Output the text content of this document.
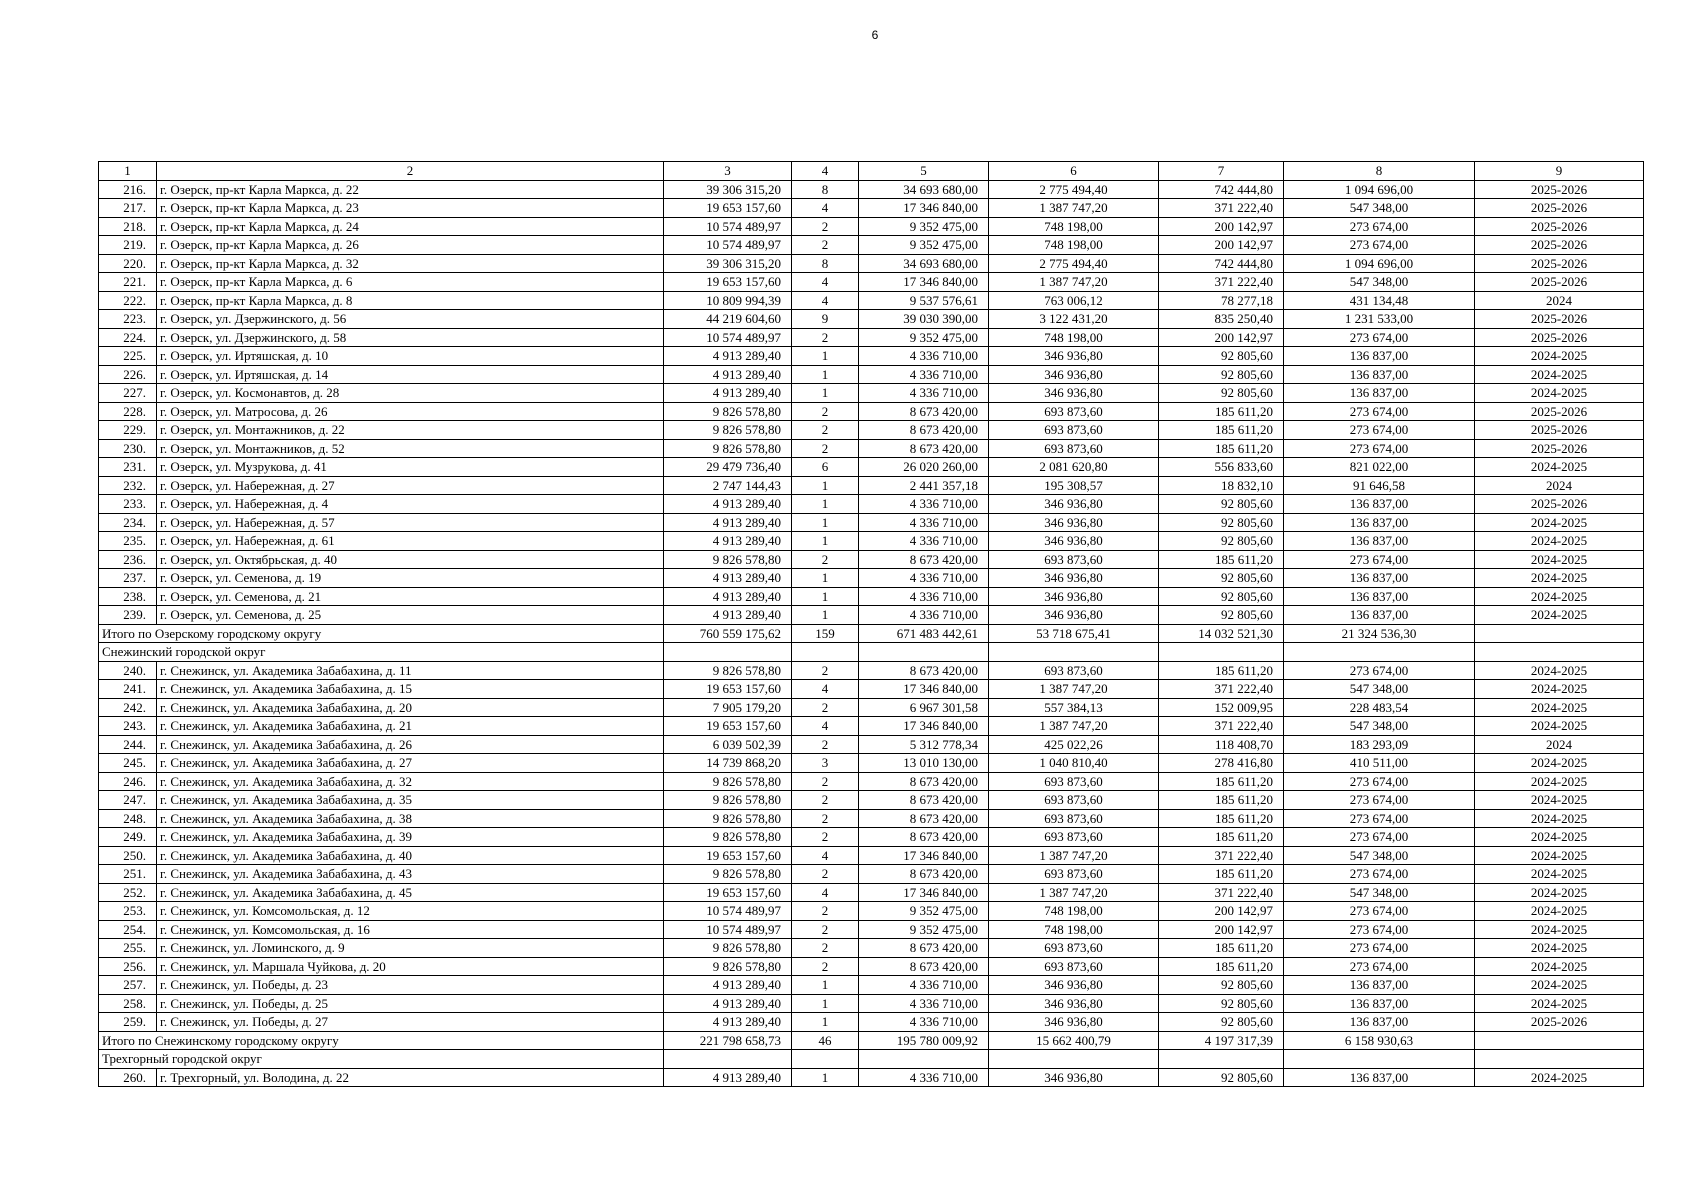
6
1	2	3	4	5	6	7	8	9
216.	г. Озерск, пр-кт Карла Маркса, д. 22	39 306 315,20	8	34 693 680,00	2 775 494,40	742 444,80	1 094 696,00	2025-2026
217.	г. Озерск, пр-кт Карла Маркса, д. 23	19 653 157,60	4	17 346 840,00	1 387 747,20	371 222,40	547 348,00	2025-2026
218.	г. Озерск, пр-кт Карла Маркса, д. 24	10 574 489,97	2	9 352 475,00	748 198,00	200 142,97	273 674,00	2025-2026
219.	г. Озерск, пр-кт Карла Маркса, д. 26	10 574 489,97	2	9 352 475,00	748 198,00	200 142,97	273 674,00	2025-2026
220.	г. Озерск, пр-кт Карла Маркса, д. 32	39 306 315,20	8	34 693 680,00	2 775 494,40	742 444,80	1 094 696,00	2025-2026
221.	г. Озерск, пр-кт Карла Маркса, д. 6	19 653 157,60	4	17 346 840,00	1 387 747,20	371 222,40	547 348,00	2025-2026
222.	г. Озерск, пр-кт Карла Маркса, д. 8	10 809 994,39	4	9 537 576,61	763 006,12	78 277,18	431 134,48	2024
223.	г. Озерск, ул. Дзержинского, д. 56	44 219 604,60	9	39 030 390,00	3 122 431,20	835 250,40	1 231 533,00	2025-2026
224.	г. Озерск, ул. Дзержинского, д. 58	10 574 489,97	2	9 352 475,00	748 198,00	200 142,97	273 674,00	2025-2026
225.	г. Озерск, ул. Иртяшская, д. 10	4 913 289,40	1	4 336 710,00	346 936,80	92 805,60	136 837,00	2024-2025
226.	г. Озерск, ул. Иртяшская, д. 14	4 913 289,40	1	4 336 710,00	346 936,80	92 805,60	136 837,00	2024-2025
227.	г. Озерск, ул. Космонавтов, д. 28	4 913 289,40	1	4 336 710,00	346 936,80	92 805,60	136 837,00	2024-2025
228.	г. Озерск, ул. Матросова, д. 26	9 826 578,80	2	8 673 420,00	693 873,60	185 611,20	273 674,00	2025-2026
229.	г. Озерск, ул. Монтажников, д. 22	9 826 578,80	2	8 673 420,00	693 873,60	185 611,20	273 674,00	2025-2026
230.	г. Озерск, ул. Монтажников, д. 52	9 826 578,80	2	8 673 420,00	693 873,60	185 611,20	273 674,00	2025-2026
231.	г. Озерск, ул. Музрукова, д. 41	29 479 736,40	6	26 020 260,00	2 081 620,80	556 833,60	821 022,00	2024-2025
232.	г. Озерск, ул. Набережная, д. 27	2 747 144,43	1	2 441 357,18	195 308,57	18 832,10	91 646,58	2024
233.	г. Озерск, ул. Набережная, д. 4	4 913 289,40	1	4 336 710,00	346 936,80	92 805,60	136 837,00	2025-2026
234.	г. Озерск, ул. Набережная, д. 57	4 913 289,40	1	4 336 710,00	346 936,80	92 805,60	136 837,00	2024-2025
235.	г. Озерск, ул. Набережная, д. 61	4 913 289,40	1	4 336 710,00	346 936,80	92 805,60	136 837,00	2024-2025
236.	г. Озерск, ул. Октябрьская, д. 40	9 826 578,80	2	8 673 420,00	693 873,60	185 611,20	273 674,00	2024-2025
237.	г. Озерск, ул. Семенова, д. 19	4 913 289,40	1	4 336 710,00	346 936,80	92 805,60	136 837,00	2024-2025
238.	г. Озерск, ул. Семенова, д. 21	4 913 289,40	1	4 336 710,00	346 936,80	92 805,60	136 837,00	2024-2025
239.	г. Озерск, ул. Семенова, д. 25	4 913 289,40	1	4 336 710,00	346 936,80	92 805,60	136 837,00	2024-2025
Итого по Озерскому городскому округу		760 559 175,62	159	671 483 442,61	53 718 675,41	14 032 521,30	21 324 536,30	
Снежинский городской округ								
240.	г. Снежинск, ул. Академика Забабахина, д. 11	9 826 578,80	2	8 673 420,00	693 873,60	185 611,20	273 674,00	2024-2025
241.	г. Снежинск, ул. Академика Забабахина, д. 15	19 653 157,60	4	17 346 840,00	1 387 747,20	371 222,40	547 348,00	2024-2025
242.	г. Снежинск, ул. Академика Забабахина, д. 20	7 905 179,20	2	6 967 301,58	557 384,13	152 009,95	228 483,54	2024-2025
243.	г. Снежинск, ул. Академика Забабахина, д. 21	19 653 157,60	4	17 346 840,00	1 387 747,20	371 222,40	547 348,00	2024-2025
244.	г. Снежинск, ул. Академика Забабахина, д. 26	6 039 502,39	2	5 312 778,34	425 022,26	118 408,70	183 293,09	2024
245.	г. Снежинск, ул. Академика Забабахина, д. 27	14 739 868,20	3	13 010 130,00	1 040 810,40	278 416,80	410 511,00	2024-2025
246.	г. Снежинск, ул. Академика Забабахина, д. 32	9 826 578,80	2	8 673 420,00	693 873,60	185 611,20	273 674,00	2024-2025
247.	г. Снежинск, ул. Академика Забабахина, д. 35	9 826 578,80	2	8 673 420,00	693 873,60	185 611,20	273 674,00	2024-2025
248.	г. Снежинск, ул. Академика Забабахина, д. 38	9 826 578,80	2	8 673 420,00	693 873,60	185 611,20	273 674,00	2024-2025
249.	г. Снежинск, ул. Академика Забабахина, д. 39	9 826 578,80	2	8 673 420,00	693 873,60	185 611,20	273 674,00	2024-2025
250.	г. Снежинск, ул. Академика Забабахина, д. 40	19 653 157,60	4	17 346 840,00	1 387 747,20	371 222,40	547 348,00	2024-2025
251.	г. Снежинск, ул. Академика Забабахина, д. 43	9 826 578,80	2	8 673 420,00	693 873,60	185 611,20	273 674,00	2024-2025
252.	г. Снежинск, ул. Академика Забабахина, д. 45	19 653 157,60	4	17 346 840,00	1 387 747,20	371 222,40	547 348,00	2024-2025
253.	г. Снежинск, ул. Комсомольская, д. 12	10 574 489,97	2	9 352 475,00	748 198,00	200 142,97	273 674,00	2024-2025
254.	г. Снежинск, ул. Комсомольская, д. 16	10 574 489,97	2	9 352 475,00	748 198,00	200 142,97	273 674,00	2024-2025
255.	г. Снежинск, ул. Ломинского, д. 9	9 826 578,80	2	8 673 420,00	693 873,60	185 611,20	273 674,00	2024-2025
256.	г. Снежинск, ул. Маршала Чуйкова, д. 20	9 826 578,80	2	8 673 420,00	693 873,60	185 611,20	273 674,00	2024-2025
257.	г. Снежинск, ул. Победы, д. 23	4 913 289,40	1	4 336 710,00	346 936,80	92 805,60	136 837,00	2024-2025
258.	г. Снежинск, ул. Победы, д. 25	4 913 289,40	1	4 336 710,00	346 936,80	92 805,60	136 837,00	2024-2025
259.	г. Снежинск, ул. Победы, д. 27	4 913 289,40	1	4 336 710,00	346 936,80	92 805,60	136 837,00	2025-2026
Итого по Снежинскому городскому округу		221 798 658,73	46	195 780 009,92	15 662 400,79	4 197 317,39	6 158 930,63	
Трехгорный городской округ								
260.	г. Трехгорный, ул. Володина, д. 22	4 913 289,40	1	4 336 710,00	346 936,80	92 805,60	136 837,00	2024-2025
